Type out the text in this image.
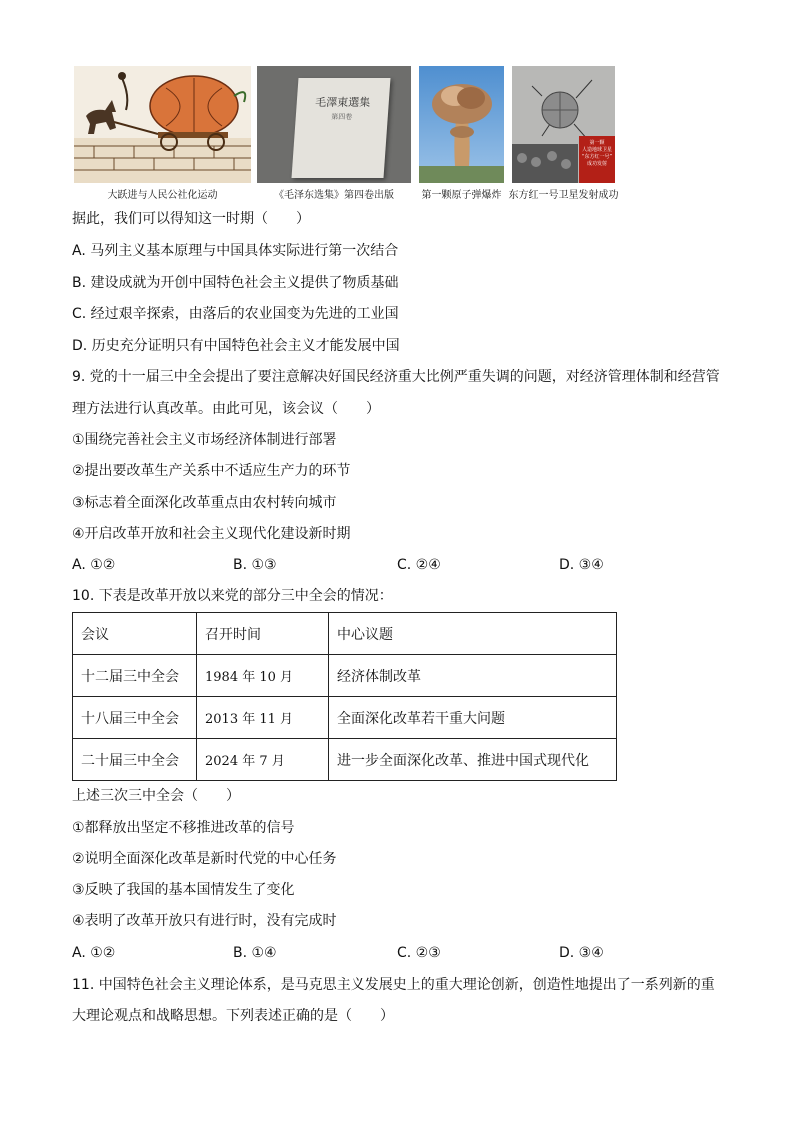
大跃进与人民公社化运动
毛澤東選集
第四卷
《毛泽东选集》第四卷出版	第一颗原子弹爆炸
第一颗
人造地球卫星
“东方红一号”
成功发射
东方红一号卫星发射成功
据此，我们可以得知这一时期（　　）
A. 马列主义基本原理与中国具体实际进行第一次结合
B. 建设成就为开创中国特色社会主义提供了物质基础
C. 经过艰辛探索，由落后的农业国变为先进的工业国
D. 历史充分证明只有中国特色社会主义才能发展中国
9. 党的十一届三中全会提出了要注意解决好国民经济重大比例严重失调的问题，对经济管理体制和经营管
理方法进行认真改革。由此可见，该会议（　　）
①围绕完善社会主义市场经济体制进行部署
②提出要改革生产关系中不适应生产力的环节
③标志着全面深化改革重点由农村转向城市
④开启改革开放和社会主义现代化建设新时期
A. ①②	B. ①③	C. ②④	D. ③④
10. 下表是改革开放以来党的部分三中全会的情况：
会议	召开时间	中心议题
十二届三中全会	1984 年 10 月	经济体制改革
十八届三中全会	2013 年 11 月	全面深化改革若干重大问题
二十届三中全会	2024 年 7 月	进一步全面深化改革、推进中国式现代化
上述三次三中全会（　　）
①都释放出坚定不移推进改革的信号
②说明全面深化改革是新时代党的中心任务
③反映了我国的基本国情发生了变化
④表明了改革开放只有进行时，没有完成时
A. ①②	B. ①④	C. ②③	D. ③④
11. 中国特色社会主义理论体系，是马克思主义发展史上的重大理论创新，创造性地提出了一系列新的重
大理论观点和战略思想。下列表述正确的是（　　）
